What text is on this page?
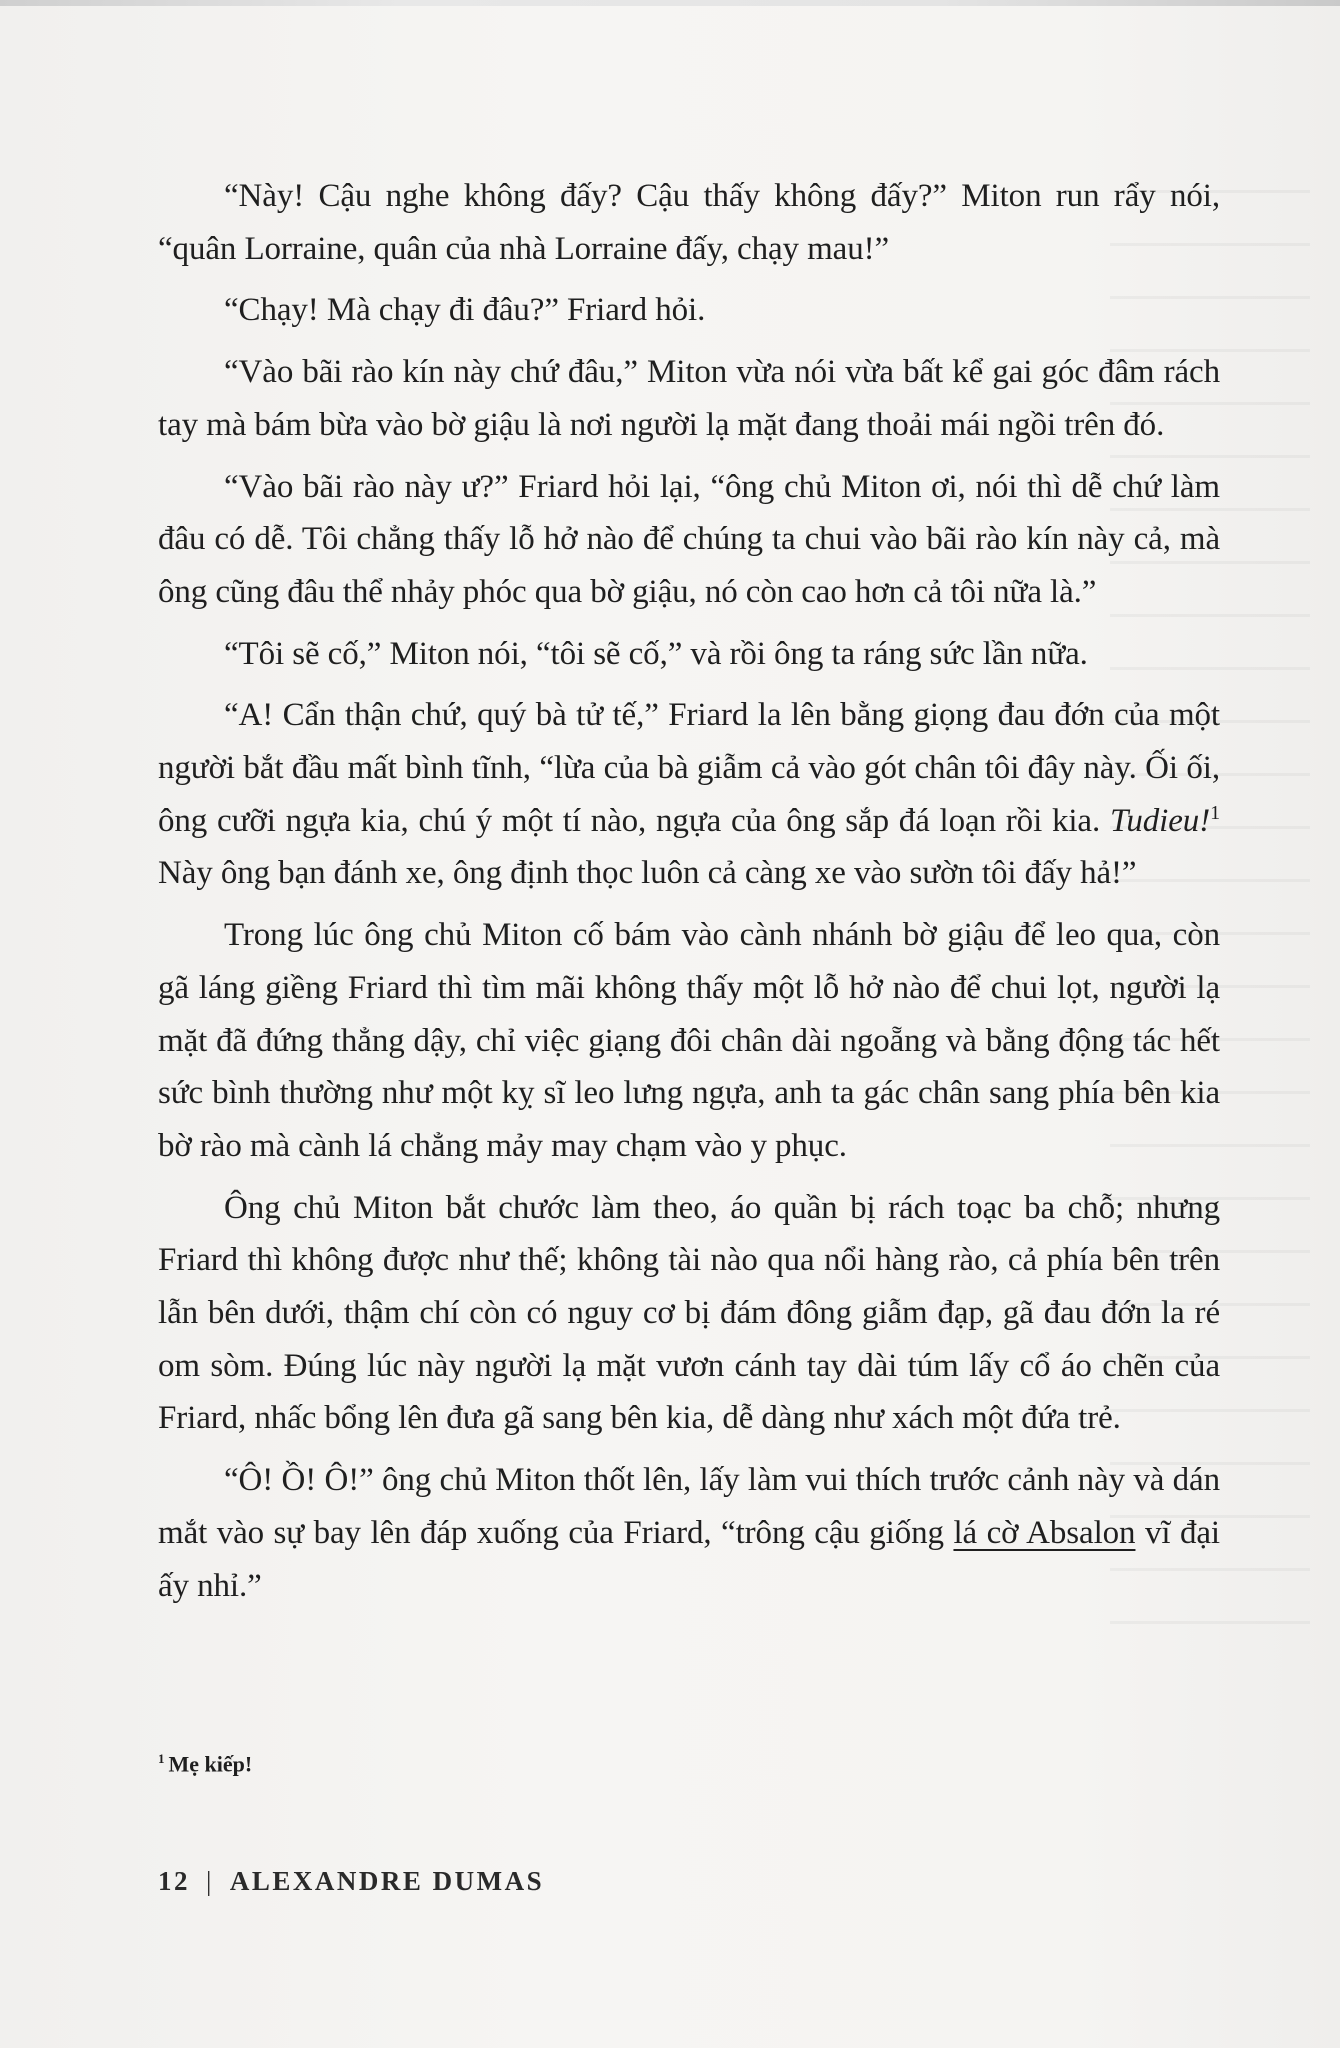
“Này! Cậu nghe không đấy? Cậu thấy không đấy?” Miton run rẩy nói, “quân Lorraine, quân của nhà Lorraine đấy, chạy mau!”

“Chạy! Mà chạy đi đâu?” Friard hỏi.

“Vào bãi rào kín này chứ đâu,” Miton vừa nói vừa bất kể gai góc đâm rách tay mà bám bừa vào bờ giậu là nơi người lạ mặt đang thoải mái ngồi trên đó.

“Vào bãi rào này ư?” Friard hỏi lại, “ông chủ Miton ơi, nói thì dễ chứ làm đâu có dễ. Tôi chẳng thấy lỗ hở nào để chúng ta chui vào bãi rào kín này cả, mà ông cũng đâu thể nhảy phóc qua bờ giậu, nó còn cao hơn cả tôi nữa là.”

“Tôi sẽ cố,” Miton nói, “tôi sẽ cố,” và rồi ông ta ráng sức lần nữa.

“A! Cẩn thận chứ, quý bà tử tế,” Friard la lên bằng giọng đau đớn của một người bắt đầu mất bình tĩnh, “lừa của bà giẫm cả vào gót chân tôi đây này. Ối ối, ông cưỡi ngựa kia, chú ý một tí nào, ngựa của ông sắp đá loạn rồi kia. Tudieu!$^1$ Này ông bạn đánh xe, ông định thọc luôn cả càng xe vào sườn tôi đấy hả!”

Trong lúc ông chủ Miton cố bám vào cành nhánh bờ giậu để leo qua, còn gã láng giềng Friard thì tìm mãi không thấy một lỗ hở nào để chui lọt, người lạ mặt đã đứng thẳng dậy, chỉ việc giạng đôi chân dài ngoẵng và bằng động tác hết sức bình thường như một kỵ sĩ leo lưng ngựa, anh ta gác chân sang phía bên kia bờ rào mà cành lá chẳng mảy may chạm vào y phục.

Ông chủ Miton bắt chước làm theo, áo quần bị rách toạc ba chỗ; nhưng Friard thì không được như thế; không tài nào qua nổi hàng rào, cả phía bên trên lẫn bên dưới, thậm chí còn có nguy cơ bị đám đông giẫm đạp, gã đau đớn la ré om sòm. Đúng lúc này người lạ mặt vươn cánh tay dài túm lấy cổ áo chẽn của Friard, nhấc bổng lên đưa gã sang bên kia, dễ dàng như xách một đứa trẻ.

“Ô! Ồ! Ô!” ông chủ Miton thốt lên, lấy làm vui thích trước cảnh này và dán mắt vào sự bay lên đáp xuống của Friard, “trông cậu giống lá cờ Absalon vĩ đại ấy nhỉ.”

$^1$ Mẹ kiếp!
12 | ALEXANDRE DUMAS
